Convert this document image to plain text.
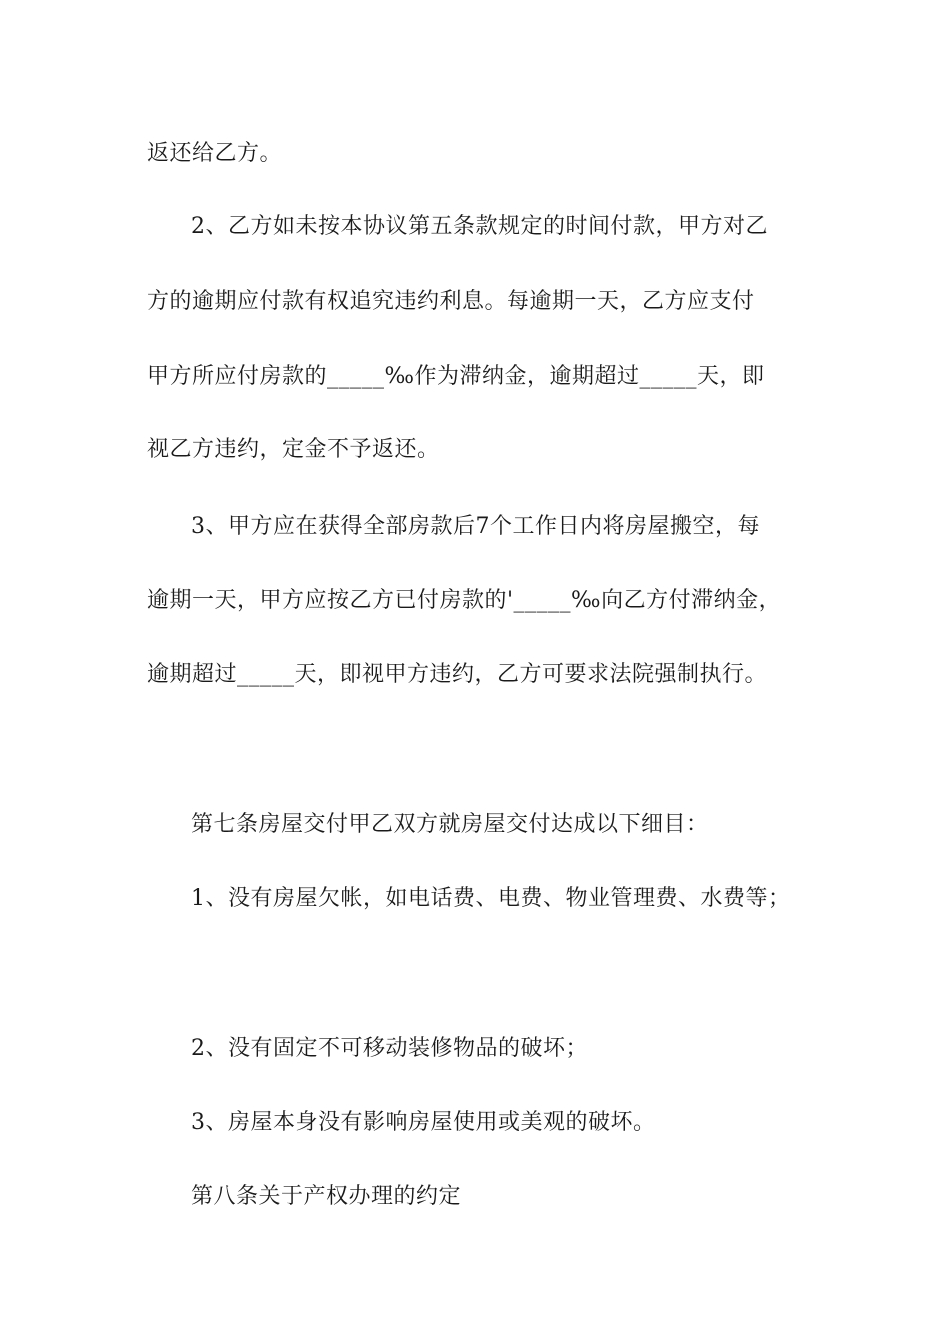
返还给乙方。
2、乙方如未按本协议第五条款规定的时间付款，甲方对乙
方的逾期应付款有权追究违约利息。每逾期一天，乙方应支付
甲方所应付房款的_____‰作为滞纳金，逾期超过_____天，即
视乙方违约，定金不予返还。
3、甲方应在获得全部房款后7个工作日内将房屋搬空，每
逾期一天，甲方应按乙方已付房款的'_____‰向乙方付滞纳金，
逾期超过_____天，即视甲方违约，乙方可要求法院强制执行。
第七条房屋交付甲乙双方就房屋交付达成以下细目：
1、没有房屋欠帐，如电话费、电费、物业管理费、水费等；
2、没有固定不可移动装修物品的破坏；
3、房屋本身没有影响房屋使用或美观的破坏。
第八条关于产权办理的约定
